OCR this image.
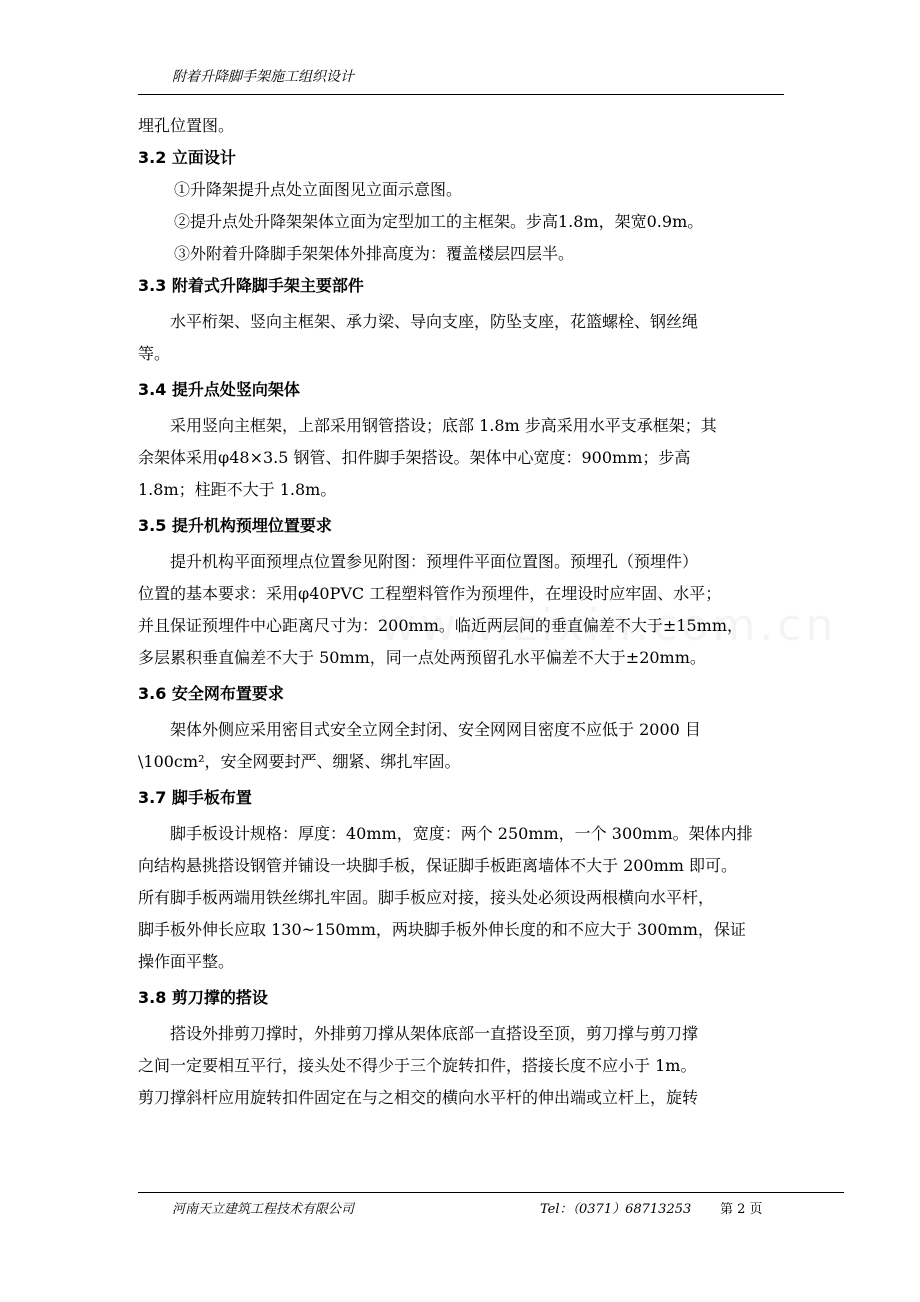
附着升降脚手架施工组织设计
埋孔位置图。
3.2 立面设计
①升降架提升点处立面图见立面示意图。
②提升点处升降架架体立面为定型加工的主框架。步高1.8m，架宽0.9m。
③外附着升降脚手架架体外排高度为：覆盖楼层四层半。
3.3 附着式升降脚手架主要部件
水平桁架、竖向主框架、承力梁、导向支座，防坠支座，花篮螺栓、钢丝绳
等。
3.4 提升点处竖向架体
采用竖向主框架，上部采用钢管搭设；底部 1.8m 步高采用水平支承框架；其
余架体采用φ48×3.5 钢管、扣件脚手架搭设。架体中心宽度：900mm；步高
1.8m；柱距不大于 1.8m。
3.5 提升机构预埋位置要求
提升机构平面预埋点位置参见附图：预埋件平面位置图。预埋孔（预埋件）
位置的基本要求：采用φ40PVC 工程塑料管作为预埋件，在埋设时应牢固、水平；
并且保证预埋件中心距离尺寸为：200mm。临近两层间的垂直偏差不大于±15mm，
多层累积垂直偏差不大于 50mm，同一点处两预留孔水平偏差不大于±20mm。
3.6 安全网布置要求
架体外侧应采用密目式安全立网全封闭、安全网网目密度不应低于 2000 目
\100cm²，安全网要封严、绷紧、绑扎牢固。
3.7 脚手板布置
脚手板设计规格：厚度：40mm，宽度：两个 250mm，一个 300mm。架体内排
向结构悬挑搭设钢管并铺设一块脚手板，保证脚手板距离墙体不大于 200mm 即可。
所有脚手板两端用铁丝绑扎牢固。脚手板应对接，接头处必须设两根横向水平杆，
脚手板外伸长应取 130~150mm，两块脚手板外伸长度的和不应大于 300mm，保证
操作面平整。
3.8 剪刀撑的搭设
搭设外排剪刀撑时，外排剪刀撑从架体底部一直搭设至顶，剪刀撑与剪刀撑
之间一定要相互平行，接头处不得少于三个旋转扣件，搭接长度不应小于 1m。
剪刀撑斜杆应用旋转扣件固定在与之相交的横向水平杆的伸出端或立杆上，旋转
河南天立建筑工程技术有限公司	Tel：（0371）68713253 第 2 页
